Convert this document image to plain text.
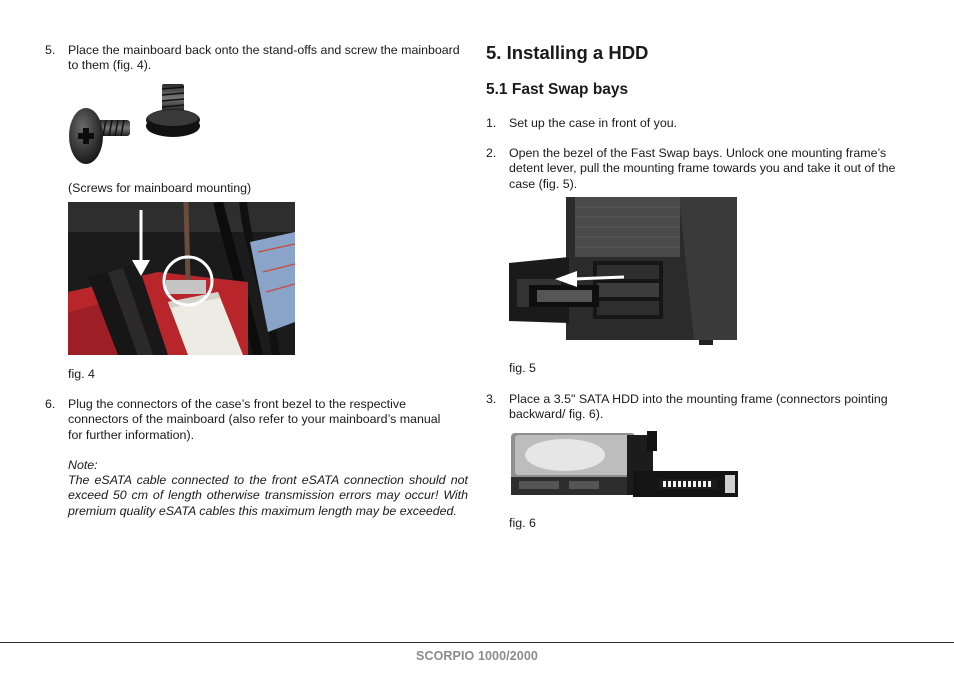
5.	Place the mainboard back onto the stand-offs and screw the mainboard to them (fig. 4).
(Screws for mainboard mounting)
fig. 4
6.	Plug the connectors of the case’s front bezel to the respective connectors of the mainboard (also refer to your mainboard’s manual for further information).
Note:
The eSATA cable connected to the front eSATA connection should not exceed 50 cm of length otherwise transmission errors may occur! With premium quality eSATA cables this maximum length may be exceeded.
5. Installing a HDD
5.1 Fast Swap bays
1.	Set up the case in front of you.
2.	Open the bezel of the Fast Swap bays. Unlock one mounting frame’s detent lever, pull the mounting frame towards you and take it out of the case (fig. 5).
fig. 5
3.	Place a 3.5" SATA HDD into the mounting frame (connectors pointing backward/ fig. 6).
fig. 6
SCORPIO 1000/2000
